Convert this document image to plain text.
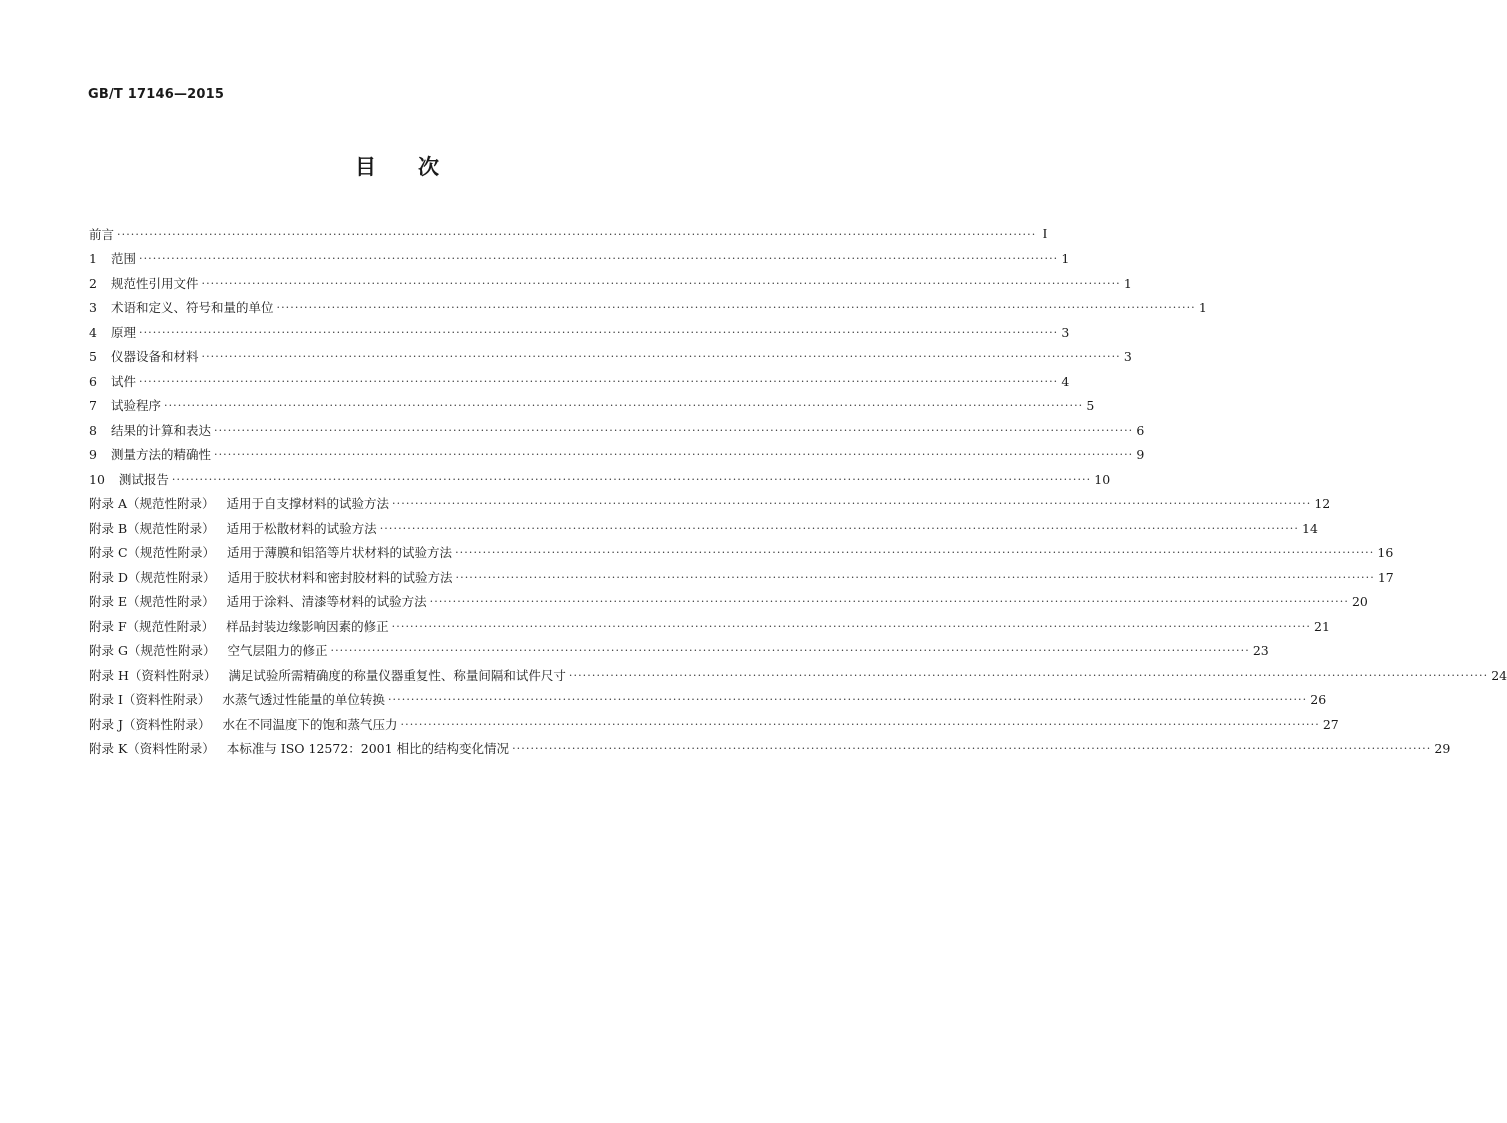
GB/T 17146—2015
目 次
前言 ········································································································································································································ I
1 范围 ········································································································································································································ 1
2 规范性引用文件 ········································································································································································································ 1
3 术语和定义、符号和量的单位 ········································································································································································································ 1
4 原理 ········································································································································································································ 3
5 仪器设备和材料 ········································································································································································································ 3
6 试件 ········································································································································································································ 4
7 试验程序 ········································································································································································································ 5
8 结果的计算和表达 ········································································································································································································ 6
9 测量方法的精确性 ········································································································································································································ 9
10 测试报告 ········································································································································································································ 10
附录 A（规范性附录） 适用于自支撑材料的试验方法 ········································································································································································································ 12
附录 B（规范性附录） 适用于松散材料的试验方法 ········································································································································································································ 14
附录 C（规范性附录） 适用于薄膜和铝箔等片状材料的试验方法 ········································································································································································································ 16
附录 D（规范性附录） 适用于胶状材料和密封胶材料的试验方法 ········································································································································································································ 17
附录 E（规范性附录） 适用于涂料、清漆等材料的试验方法 ········································································································································································································ 20
附录 F（规范性附录） 样品封装边缘影响因素的修正 ········································································································································································································ 21
附录 G（规范性附录） 空气层阻力的修正 ········································································································································································································ 23
附录 H（资料性附录） 满足试验所需精确度的称量仪器重复性、称量间隔和试件尺寸 ········································································································································································································ 24
附录 I（资料性附录） 水蒸气透过性能量的单位转换 ········································································································································································································ 26
附录 J（资料性附录） 水在不同温度下的饱和蒸气压力 ········································································································································································································ 27
附录 K（资料性附录） 本标准与 ISO 12572：2001 相比的结构变化情况 ········································································································································································································ 29
